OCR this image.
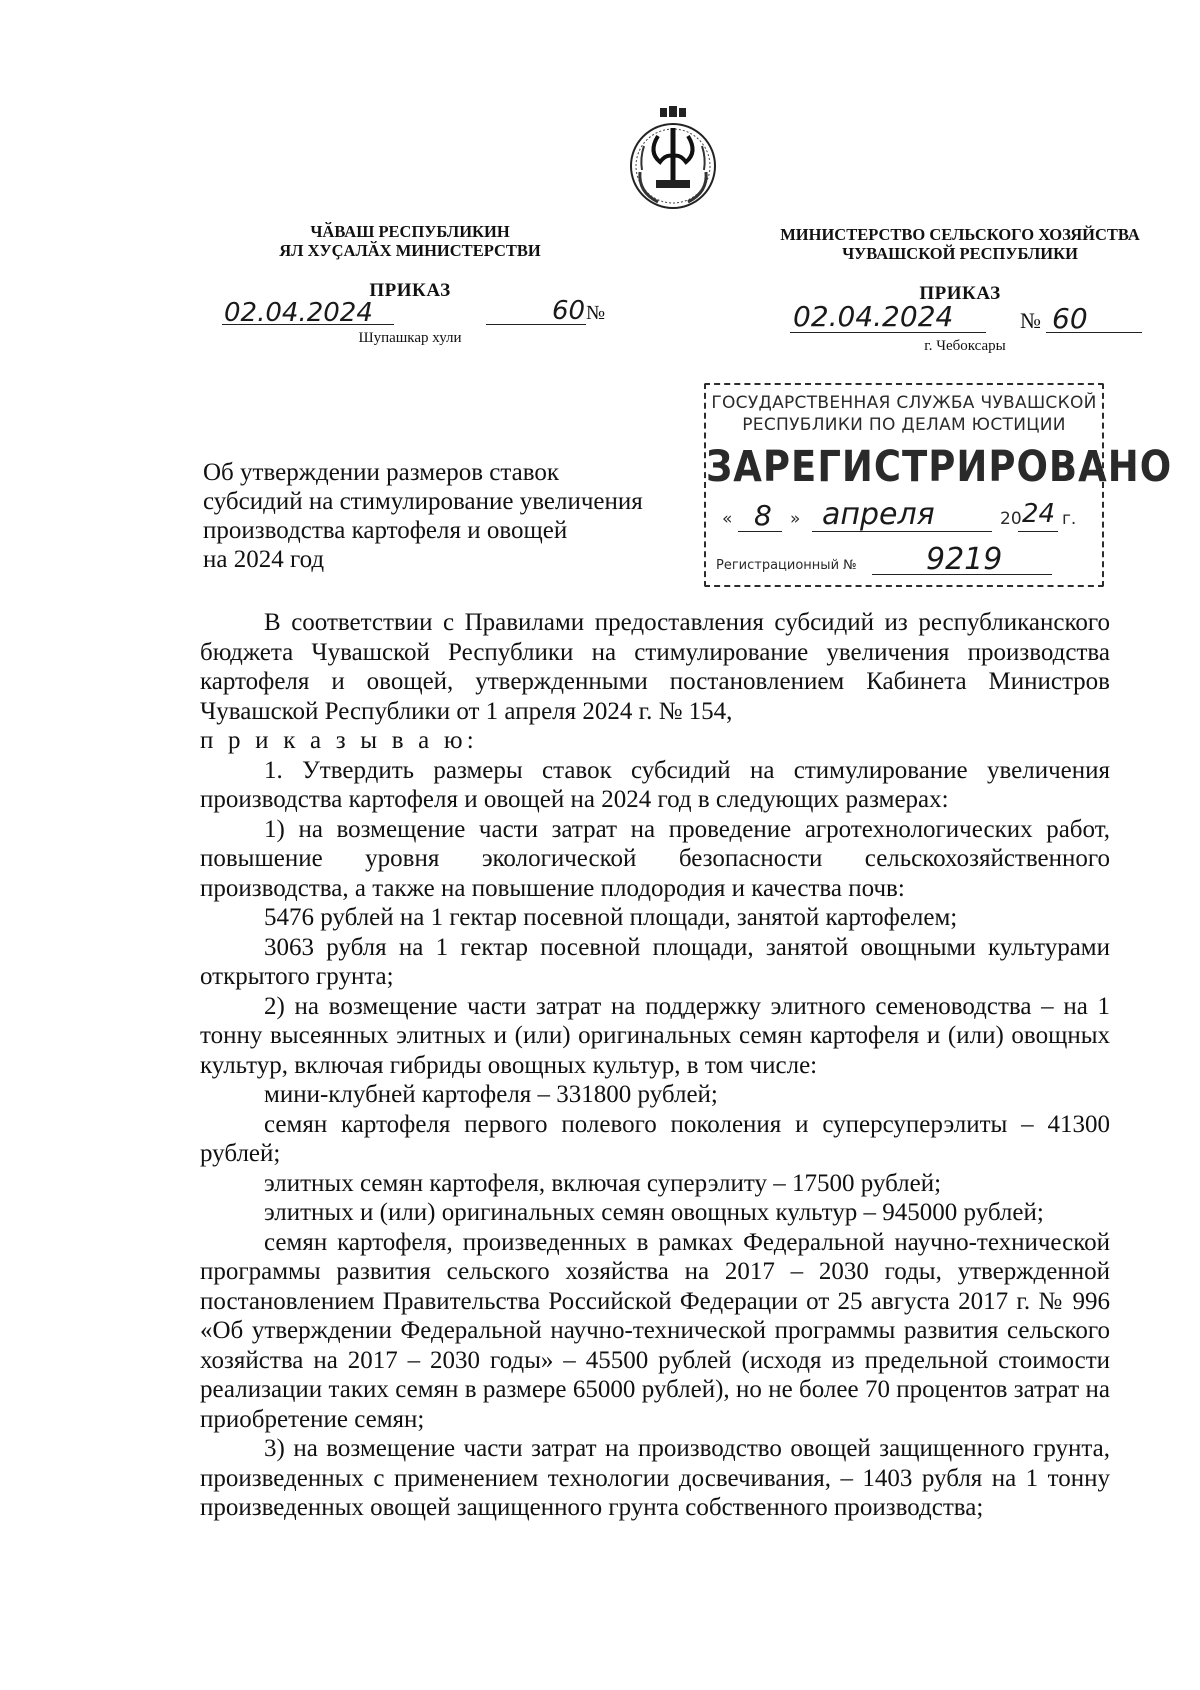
ЧӐВАШ РЕСПУБЛИКИН
ЯЛ ХУҪАЛӐХ МИНИСТЕРСТВИ
МИНИСТЕРСТВО СЕЛЬСКОГО ХОЗЯЙСТВА
ЧУВАШСКОЙ РЕСПУБЛИКИ
ПРИКАЗ
02.04.2024	60 №
Шупашкар хули
ПРИКАЗ
02.04.2024	№ 60
г. Чебоксары
ГОСУДАРСТВЕННАЯ СЛУЖБА ЧУВАШСКОЙ
РЕСПУБЛИКИ ПО ДЕЛАМ ЮСТИЦИИ
ЗАРЕГИСТРИРОВАНО
« 8 » апреля	20 24 г.
Регистрационный № 9219
Об утверждении размеров ставок
субсидий на стимулирование увеличения
производства картофеля и овощей
на 2024 год

В соответствии с Правилами предоставления субсидий из республиканского бюджета Чувашской Республики на стимулирование увеличения производства картофеля и овощей, утвержденными постановлением Кабинета Министров Чувашской Республики от 1 апреля 2024 г. № 154,

п р и к а з ы в а ю:

1. Утвердить размеры ставок субсидий на стимулирование увеличения производства картофеля и овощей на 2024 год в следующих размерах:

1) на возмещение части затрат на проведение агротехнологических работ, повышение уровня экологической безопасности сельскохозяйственного производства, а также на повышение плодородия и качества почв:

5476 рублей на 1 гектар посевной площади, занятой картофелем;

3063 рубля на 1 гектар посевной площади, занятой овощными культурами открытого грунта;

2) на возмещение части затрат на поддержку элитного семеноводства – на 1 тонну высеянных элитных и (или) оригинальных семян картофеля и (или) овощных культур, включая гибриды овощных культур, в том числе:

мини-клубней картофеля – 331800 рублей;

семян картофеля первого полевого поколения и суперсуперэлиты – 41300 рублей;

элитных семян картофеля, включая суперэлиту – 17500 рублей;

элитных и (или) оригинальных семян овощных культур – 945000 рублей;

семян картофеля, произведенных в рамках Федеральной научно-технической программы развития сельского хозяйства на 2017 – 2030 годы, утвержденной постановлением Правительства Российской Федерации от 25 августа 2017 г. № 996 «Об утверждении Федеральной научно-технической программы развития сельского хозяйства на 2017 – 2030 годы» – 45500 рублей (исходя из предельной стоимости реализации таких семян в размере 65000 рублей), но не более 70 процентов затрат на приобретение семян;

3) на возмещение части затрат на производство овощей защищенного грунта, произведенных с применением технологии досвечивания, – 1403 рубля на 1 тонну произведенных овощей защищенного грунта собственного производства;
